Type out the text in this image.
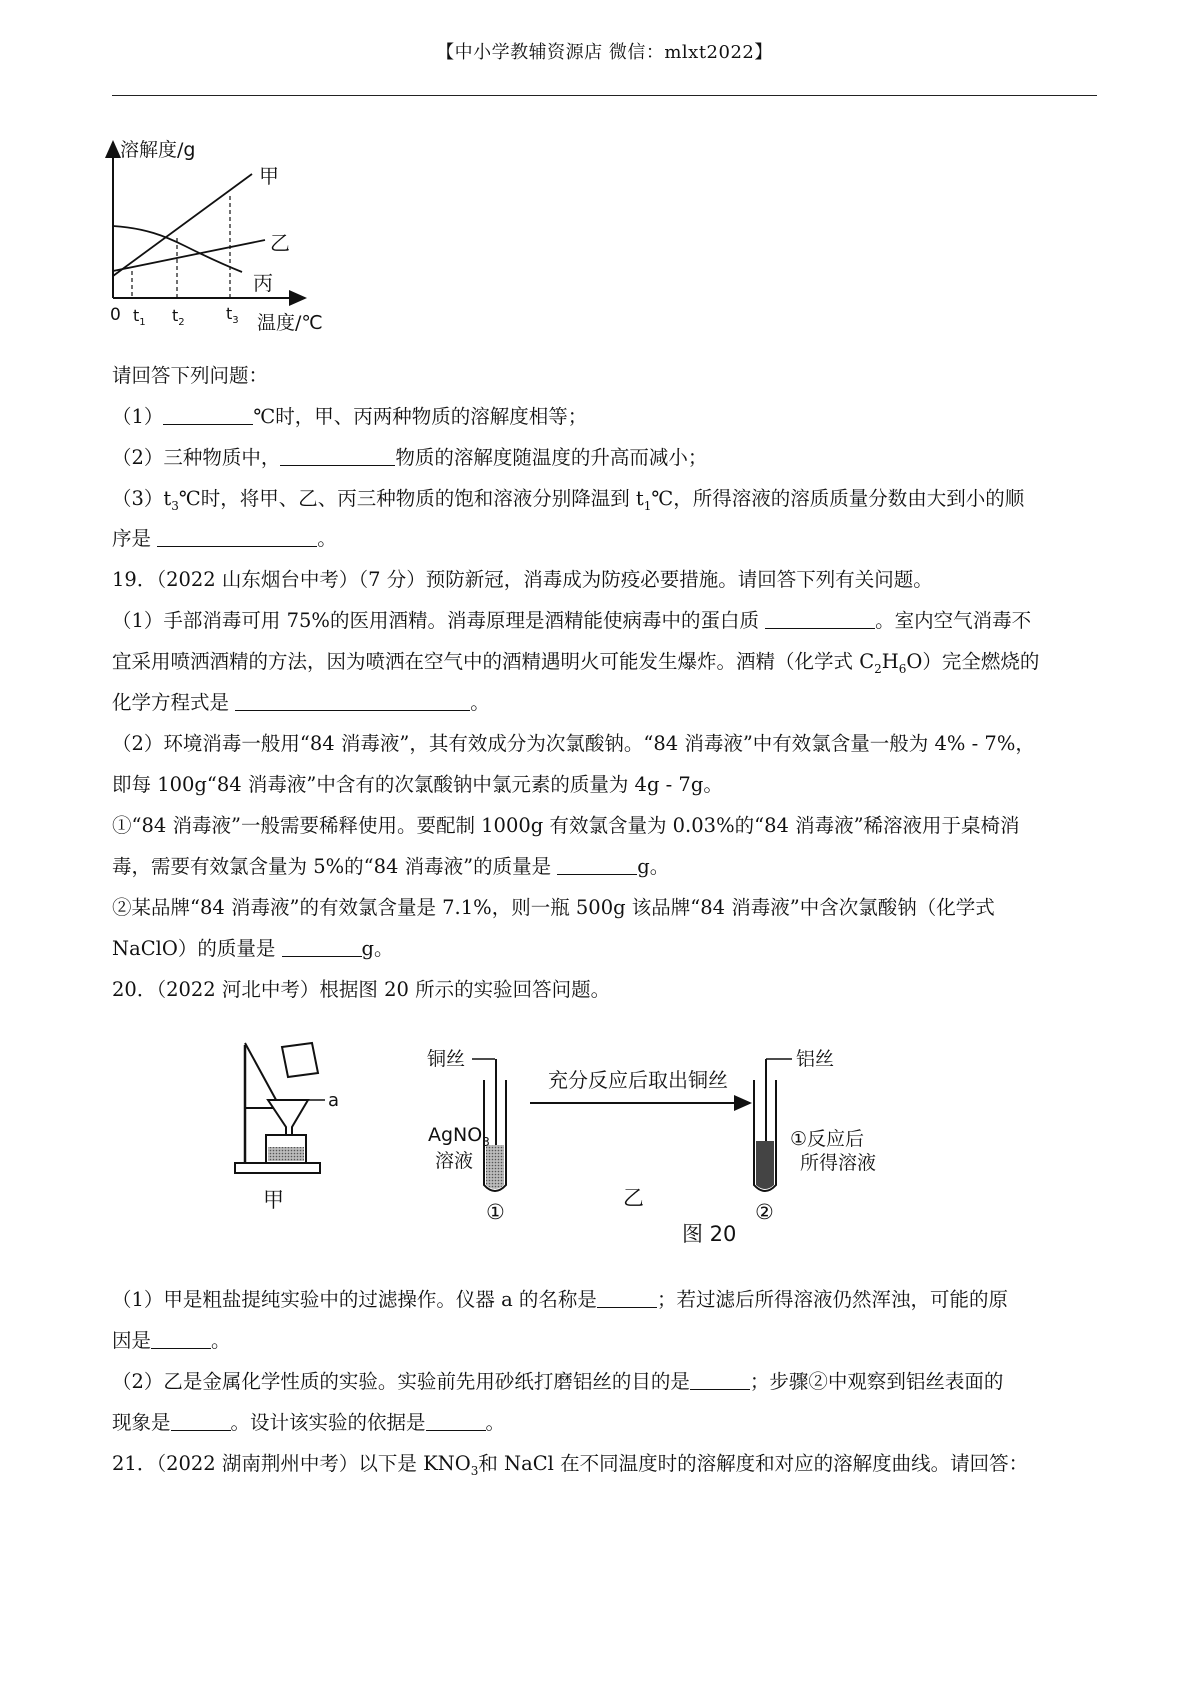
【中小学教辅资源店 微信：mlxt2022】
溶解度/g
温度/℃
0
甲
乙
丙
$t_1$ $t_2$	$t_3$
请回答下列问题：
（1）	℃时，甲、丙两种物质的溶解度相等；
（2）三种物质中，	物质的溶解度随温度的升高而减小；
$(3)t_3℃$时，将甲、乙、丙三种物质的饱和溶液分别降温到 $t_1℃$，所得溶液的溶质质量分数由大到小的顺
序是	。
19．（2022 山东烟台中考）（7 分）预防新冠，消毒成为防疫必要措施。请回答下列有关问题。
（1）手部消毒可用 75%的医用酒精。消毒原理是酒精能使病毒中的蛋白质	。室内空气消毒不
宜采用喷洒酒精的方法，因为喷洒在空气中的酒精遇明火可能发生爆炸。酒精（化学式 $C_2H_6O$）完全燃烧的
化学方程式是	。
（2）环境消毒一般用“84 消毒液”，其有效成分为次氯酸钠。“84 消毒液”中有效氯含量一般为 4% - 7%，
即每 100g“84 消毒液”中含有的次氯酸钠中氯元素的质量为 4g - 7g。
①“84 消毒液”一般需要稀释使用。要配制 1000g 有效氯含量为 0.03%的“84 消毒液”稀溶液用于桌椅消
毒，需要有效氯含量为 5%的“84 消毒液”的质量是	g。
②某品牌“84 消毒液”的有效氯含量是 7.1%，则一瓶 500g 该品牌“84 消毒液”中含次氯酸钠（化学式
NaClO）的质量是	g。
20．（2022 河北中考）根据图 20 所示的实验回答问题。
a
甲
铜丝
AgNO$_3$
溶液
①
充分反应后取出铜丝
乙
图 20
铝丝
①反应后
所得溶液
②
（1）甲是粗盐提纯实验中的过滤操作。仪器 a 的名称是	；若过滤后所得溶液仍然浑浊，可能的原
因是	。
（2）乙是金属化学性质的实验。实验前先用砂纸打磨铝丝的目的是	；步骤②中观察到铝丝表面的
现象是	。设计该实验的依据是	。
21．（2022 湖南荆州中考）以下是 $KNO_3$和 NaCl 在不同温度时的溶解度和对应的溶解度曲线。请回答：
